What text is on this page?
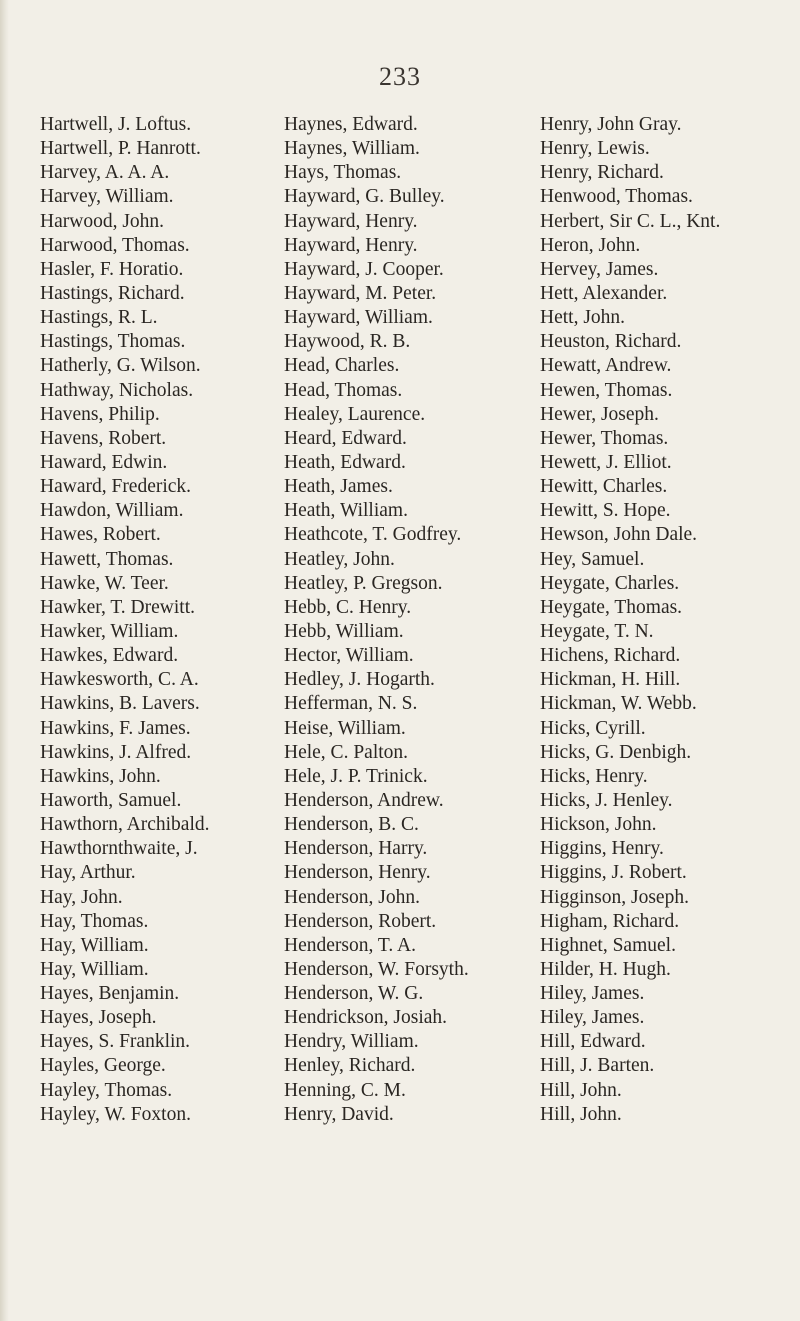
233
Hartwell, J. Loftus.
Hartwell, P. Hanrott.
Harvey, A. A. A.
Harvey, William.
Harwood, John.
Harwood, Thomas.
Hasler, F. Horatio.
Hastings, Richard.
Hastings, R. L.
Hastings, Thomas.
Hatherly, G. Wilson.
Hathway, Nicholas.
Havens, Philip.
Havens, Robert.
Haward, Edwin.
Haward, Frederick.
Hawdon, William.
Hawes, Robert.
Hawett, Thomas.
Hawke, W. Teer.
Hawker, T. Drewitt.
Hawker, William.
Hawkes, Edward.
Hawkesworth, C. A.
Hawkins, B. Lavers.
Hawkins, F. James.
Hawkins, J. Alfred.
Hawkins, John.
Haworth, Samuel.
Hawthorn, Archibald.
Hawthornthwaite, J.
Hay, Arthur.
Hay, John.
Hay, Thomas.
Hay, William.
Hay, William.
Hayes, Benjamin.
Hayes, Joseph.
Hayes, S. Franklin.
Hayles, George.
Hayley, Thomas.
Hayley, W. Foxton.
Haynes, Edward.
Haynes, William.
Hays, Thomas.
Hayward, G. Bulley.
Hayward, Henry.
Hayward, Henry.
Hayward, J. Cooper.
Hayward, M. Peter.
Hayward, William.
Haywood, R. B.
Head, Charles.
Head, Thomas.
Healey, Laurence.
Heard, Edward.
Heath, Edward.
Heath, James.
Heath, William.
Heathcote, T. Godfrey.
Heatley, John.
Heatley, P. Gregson.
Hebb, C. Henry.
Hebb, William.
Hector, William.
Hedley, J. Hogarth.
Hefferman, N. S.
Heise, William.
Hele, C. Palton.
Hele, J. P. Trinick.
Henderson, Andrew.
Henderson, B. C.
Henderson, Harry.
Henderson, Henry.
Henderson, John.
Henderson, Robert.
Henderson, T. A.
Henderson, W. Forsyth.
Henderson, W. G.
Hendrickson, Josiah.
Hendry, William.
Henley, Richard.
Henning, C. M.
Henry, David.
Henry, John Gray.
Henry, Lewis.
Henry, Richard.
Henwood, Thomas.
Herbert, Sir C. L., Knt.
Heron, John.
Hervey, James.
Hett, Alexander.
Hett, John.
Heuston, Richard.
Hewatt, Andrew.
Hewen, Thomas.
Hewer, Joseph.
Hewer, Thomas.
Hewett, J. Elliot.
Hewitt, Charles.
Hewitt, S. Hope.
Hewson, John Dale.
Hey, Samuel.
Heygate, Charles.
Heygate, Thomas.
Heygate, T. N.
Hichens, Richard.
Hickman, H. Hill.
Hickman, W. Webb.
Hicks, Cyrill.
Hicks, G. Denbigh.
Hicks, Henry.
Hicks, J. Henley.
Hickson, John.
Higgins, Henry.
Higgins, J. Robert.
Higginson, Joseph.
Higham, Richard.
Highnet, Samuel.
Hilder, H. Hugh.
Hiley, James.
Hiley, James.
Hill, Edward.
Hill, J. Barten.
Hill, John.
Hill, John.
